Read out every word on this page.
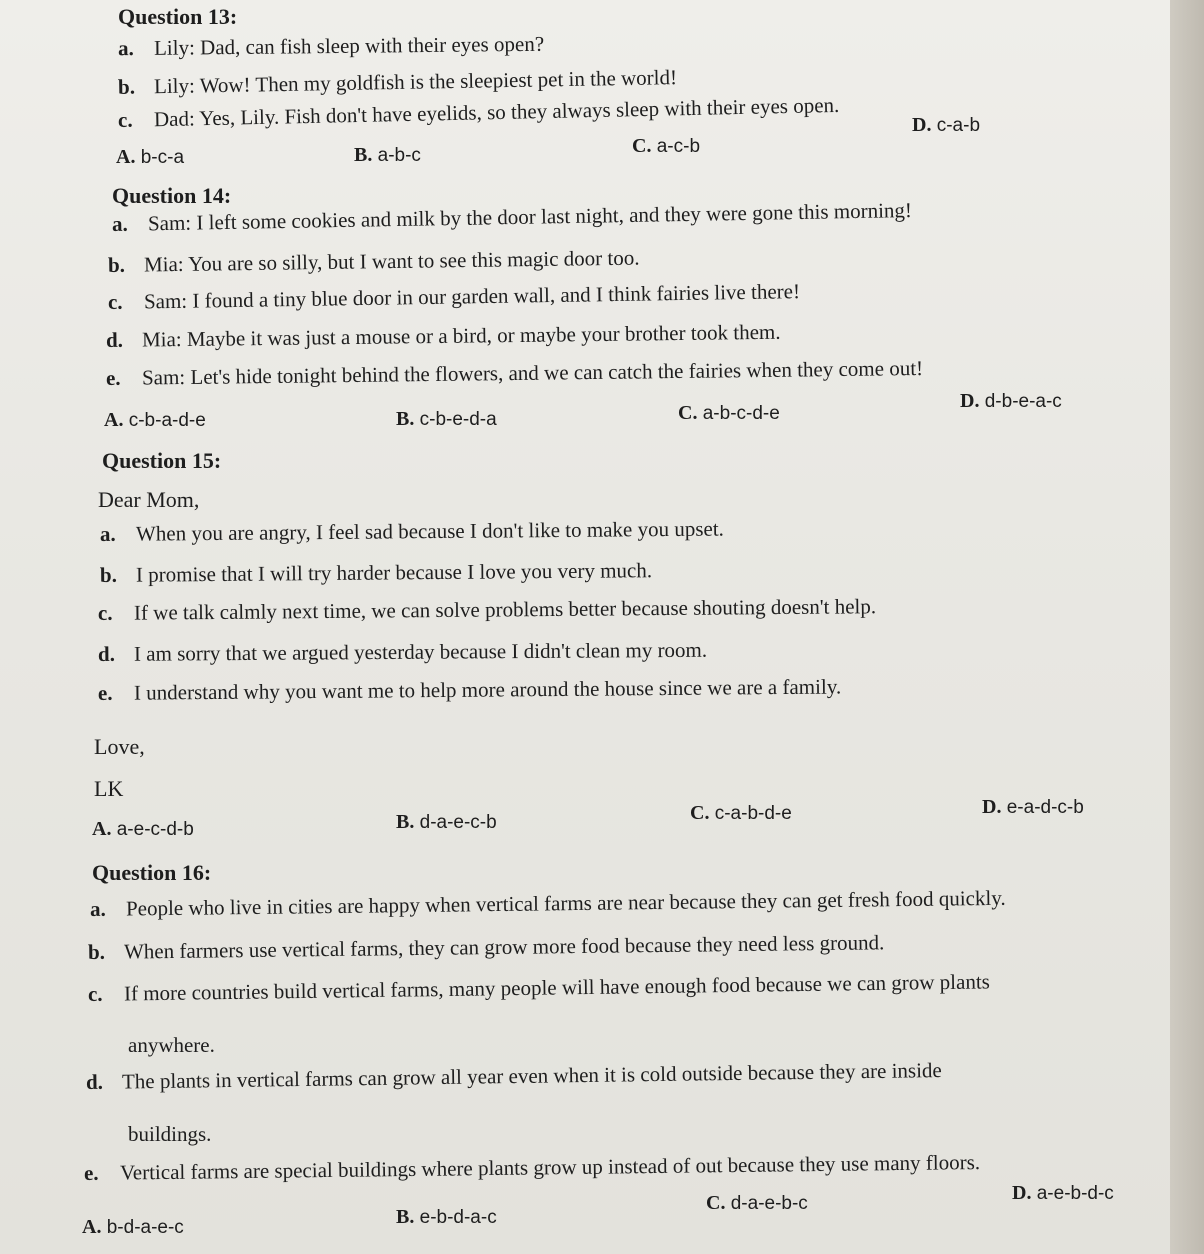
Question 13:
a. Lily: Dad, can fish sleep with their eyes open?
b. Lily: Wow! Then my goldfish is the sleepiest pet in the world!
c. Dad: Yes, Lily. Fish don't have eyelids, so they always sleep with their eyes open.
A. b-c-a	B. a-b-c	C. a-c-b
D. c-a-b
Question 14:
a. Sam: I left some cookies and milk by the door last night, and they were gone this morning!
b. Mia: You are so silly, but I want to see this magic door too.
c. Sam: I found a tiny blue door in our garden wall, and I think fairies live there!
d. Mia: Maybe it was just a mouse or a bird, or maybe your brother took them.
e. Sam: Let's hide tonight behind the flowers, and we can catch the fairies when they come out!
A. c-b-a-d-e	B. c-b-e-d-a	C. a-b-c-d-e
D. d-b-e-a-c
Question 15:
Dear Mom,
a. When you are angry, I feel sad because I don't like to make you upset.
b. I promise that I will try harder because I love you very much.
c. If we talk calmly next time, we can solve problems better because shouting doesn't help.
d. I am sorry that we argued yesterday because I didn't clean my room.
e. I understand why you want me to help more around the house since we are a family.
Love,
LK
A. a-e-c-d-b	B. d-a-e-c-b	C. c-a-b-d-e	D. e-a-d-c-b
Question 16:
a. People who live in cities are happy when vertical farms are near because they can get fresh food quickly.
b. When farmers use vertical farms, they can grow more food because they need less ground.
c. If more countries build vertical farms, many people will have enough food because we can grow plants
anywhere.
d. The plants in vertical farms can grow all year even when it is cold outside because they are inside
buildings.
e. Vertical farms are special buildings where plants grow up instead of out because they use many floors.
A. b-d-a-e-c	B. e-b-d-a-c
C. d-a-e-b-c	D. a-e-b-d-c
